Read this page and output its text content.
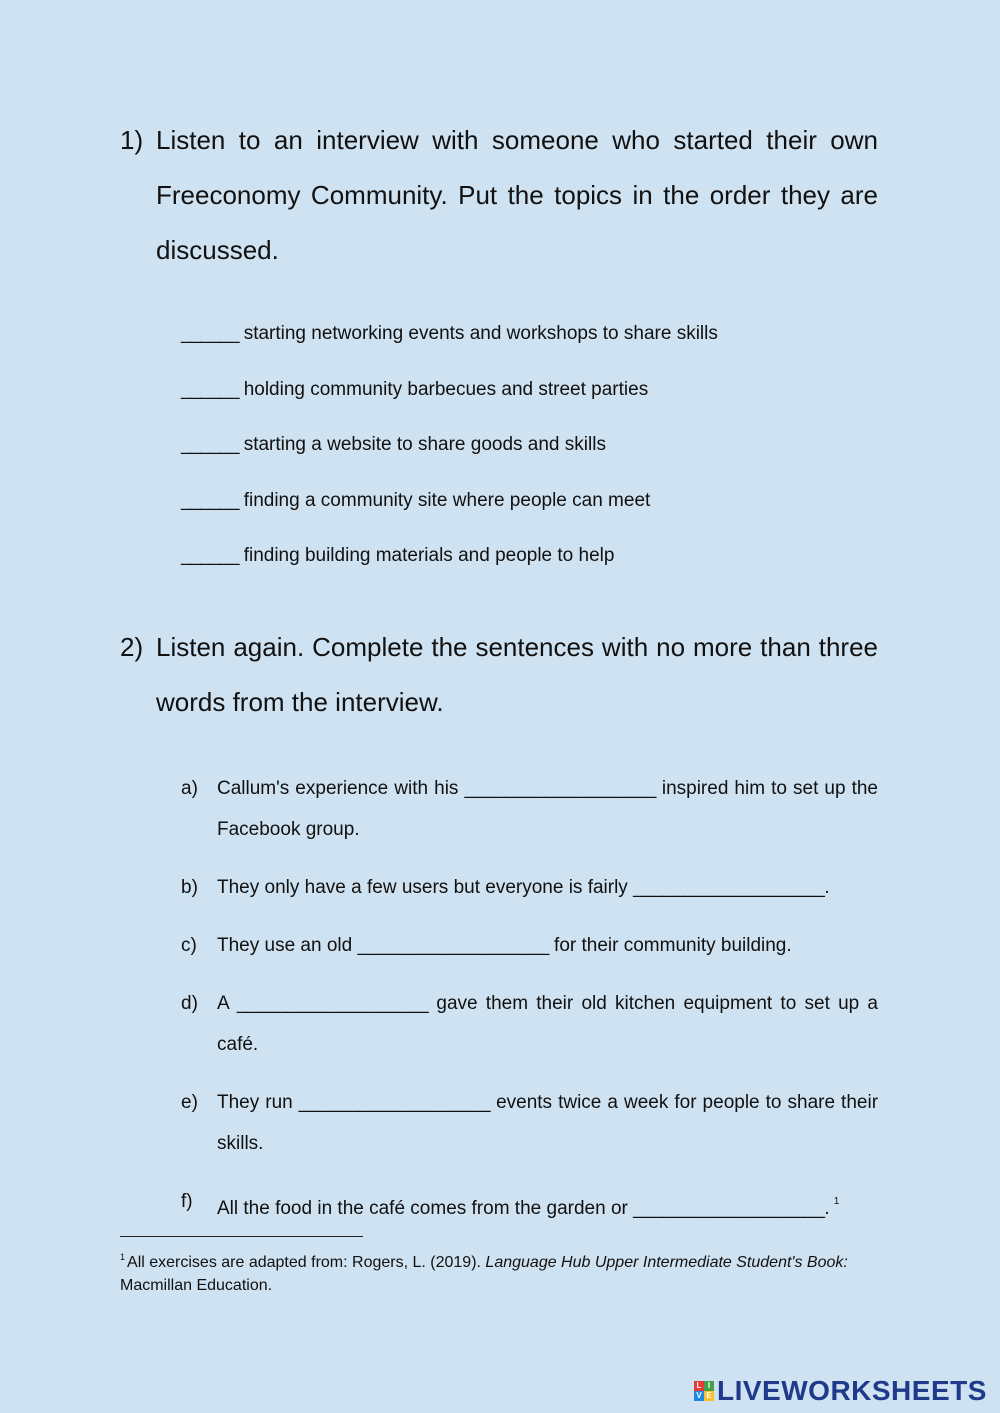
1) Listen to an interview with someone who started their own Freeconomy Community. Put the topics in the order they are discussed.
______ starting networking events and workshops to share skills
______ holding community barbecues and street parties
______ starting a website to share goods and skills
______ finding a community site where people can meet
______ finding building materials and people to help
2) Listen again. Complete the sentences with no more than three words from the interview.
a)	Callum's experience with his ___________________ inspired him to set up the Facebook group.
b)	They only have a few users but everyone is fairly ___________________.
c)	They use an old ___________________ for their community building.
d)	A ___________________ gave them their old kitchen equipment to set up a café.
e)	They run ___________________ events twice a week for people to share their skills.
f)	All the food in the café comes from the garden or ___________________. $^1$
$^1$ All exercises are adapted from: Rogers, L. (2019). Language Hub Upper Intermediate Student's Book: Macmillan Education.
L I
V E LIVEWORKSHEETS
